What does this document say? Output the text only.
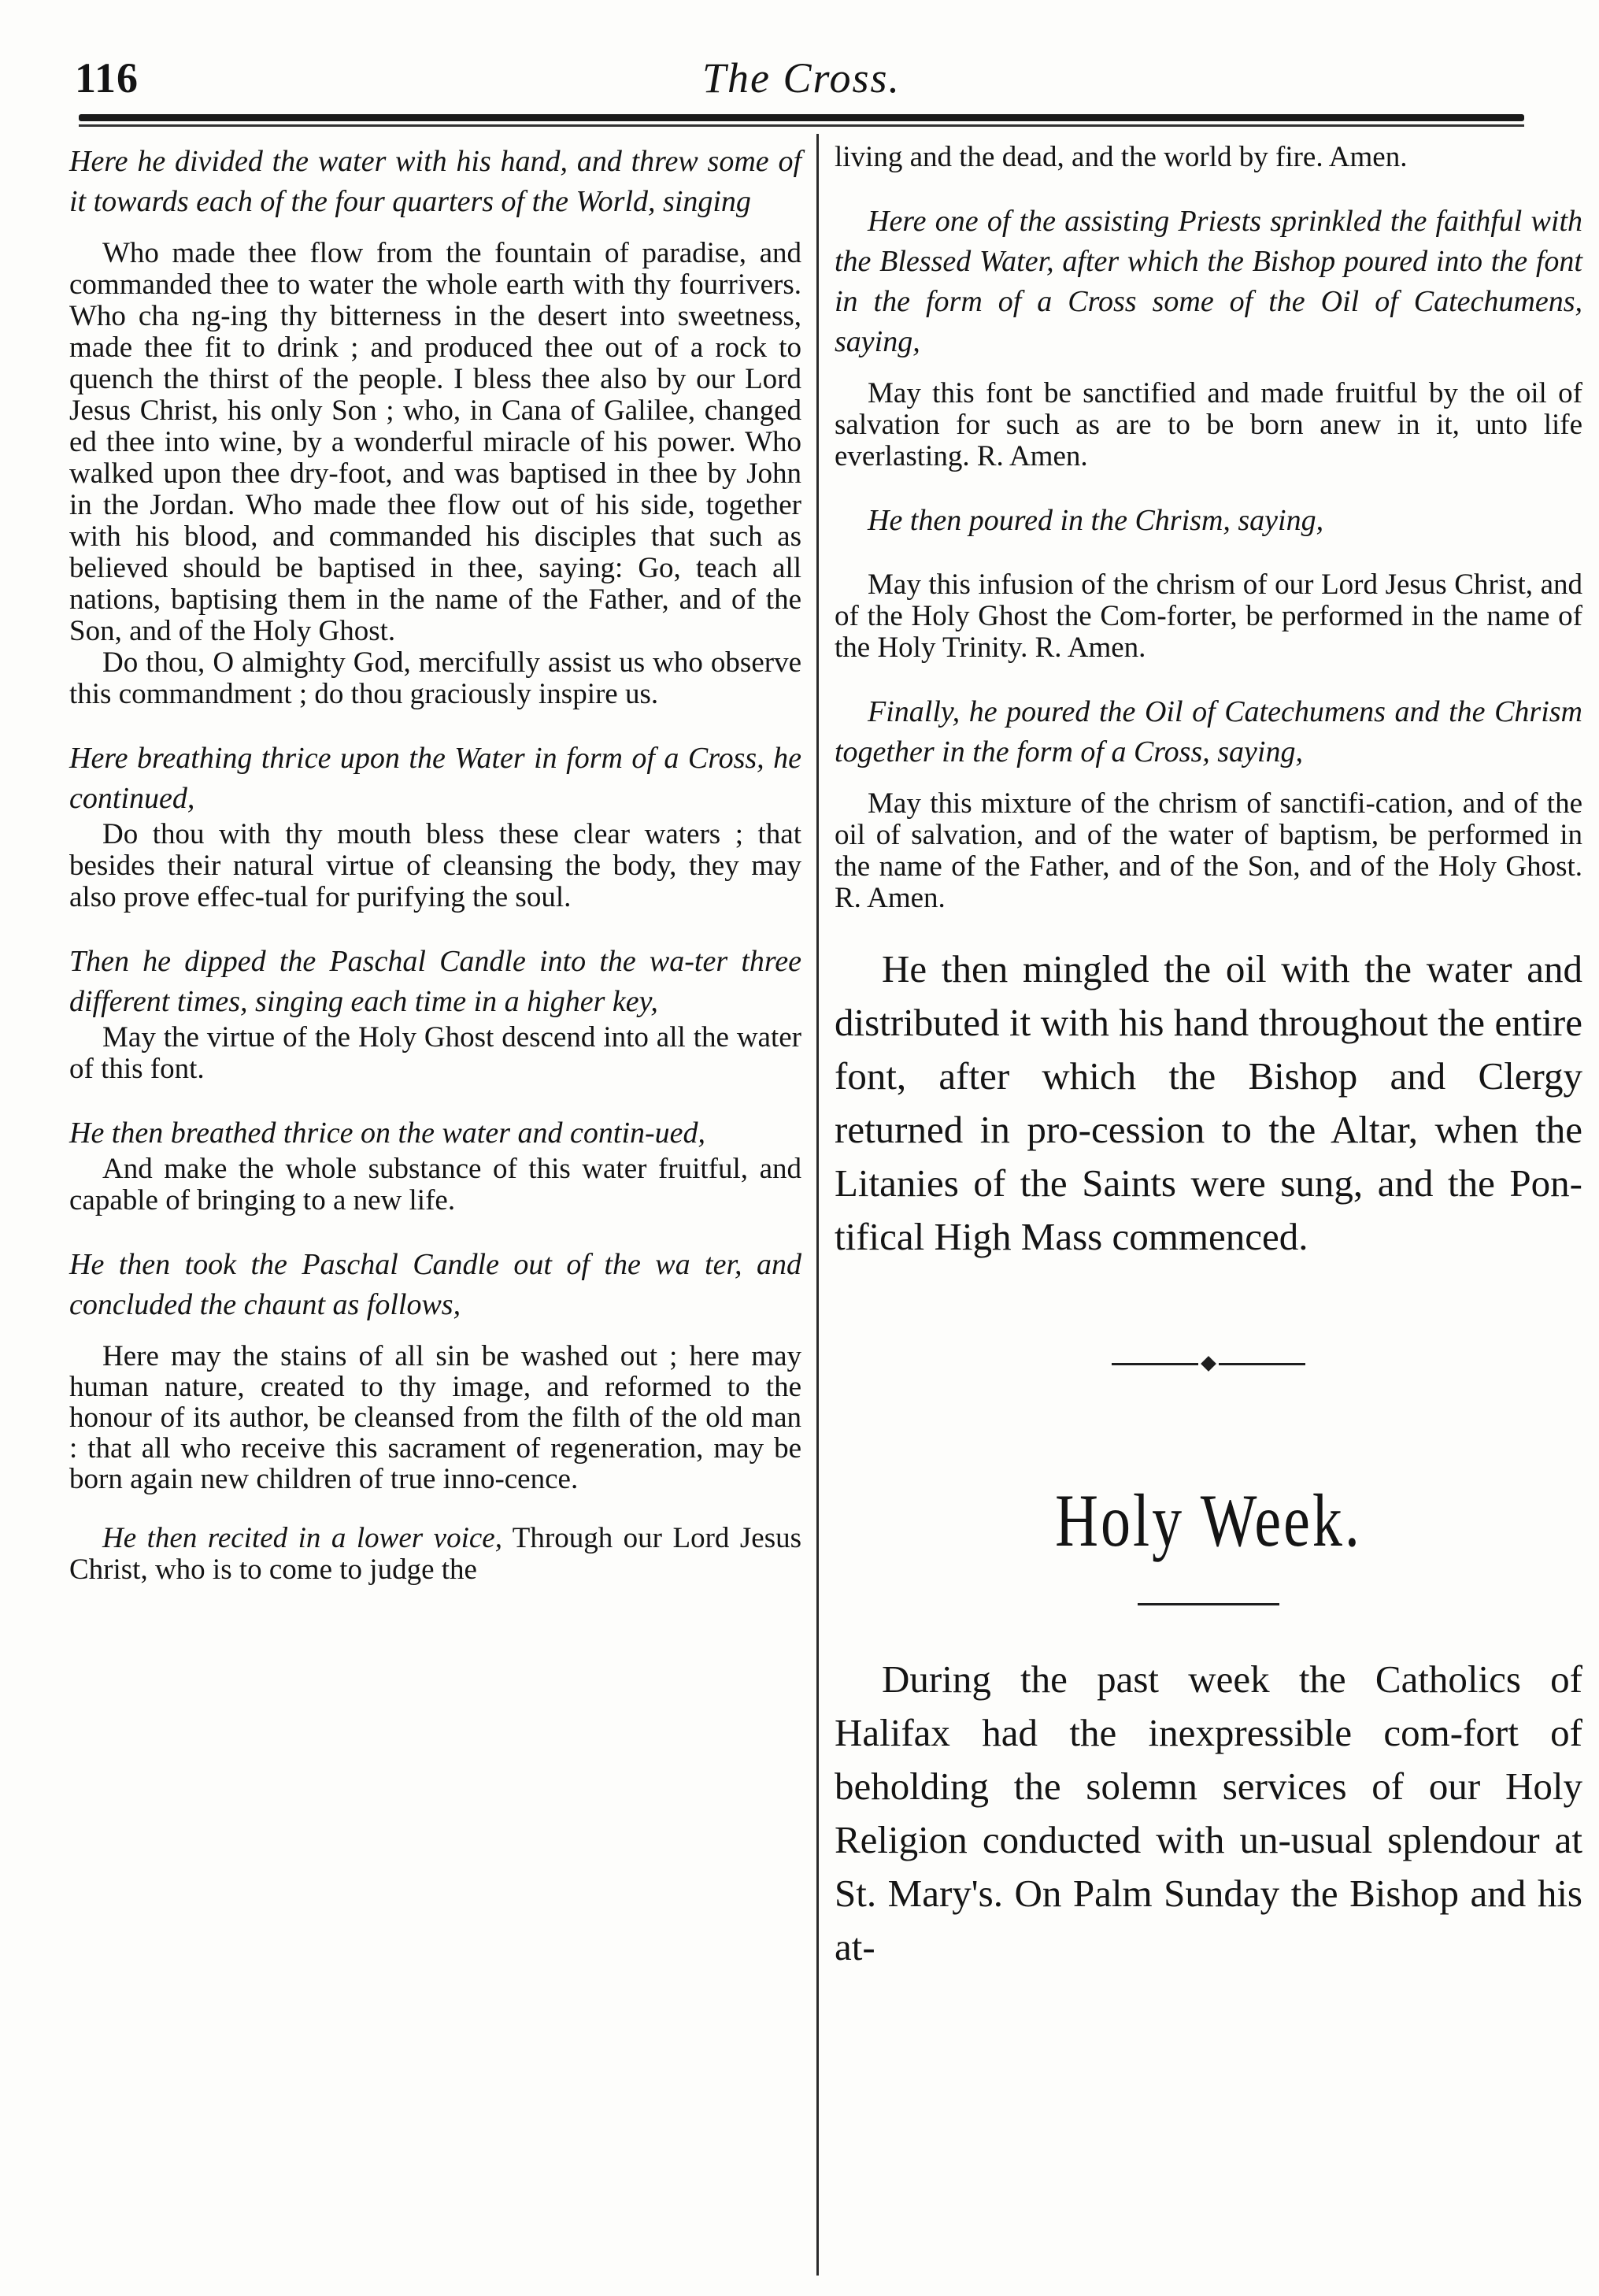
116	The Cross.

Here he divided the water with his hand, and threw some of it towards each of the four quarters of the World, singing

Who made thee flow from the fountain of paradise, and commanded thee to water the whole earth with thy fourrivers. Who cha ng-ing thy bitterness in the desert into sweetness, made thee fit to drink ; and produced thee out of a rock to quench the thirst of the people. I bless thee also by our Lord Jesus Christ, his only Son ; who, in Cana of Galilee, changed ed thee into wine, by a wonderful miracle of his power. Who walked upon thee dry-foot, and was baptised in thee by John in the Jordan. Who made thee flow out of his side, together with his blood, and commanded his disciples that such as believed should be baptised in thee, saying: Go, teach all nations, baptising them in the name of the Father, and of the Son, and of the Holy Ghost.

Do thou, O almighty God, mercifully assist us who observe this commandment ; do thou graciously inspire us.

Here breathing thrice upon the Water in form of a Cross, he continued,

Do thou with thy mouth bless these clear waters ; that besides their natural virtue of cleansing the body, they may also prove effec-tual for purifying the soul.

Then he dipped the Paschal Candle into the wa-ter three different times, singing each time in a higher key,

May the virtue of the Holy Ghost descend into all the water of this font.

He then breathed thrice on the water and contin-ued,

And make the whole substance of this water fruitful, and capable of bringing to a new life.

He then took the Paschal Candle out of the wa ter, and concluded the chaunt as follows,

Here may the stains of all sin be washed out ; here may human nature, created to thy image, and reformed to the honour of its author, be cleansed from the filth of the old man : that all who receive this sacrament of regeneration, may be born again new children of true inno-cence.

He then recited in a lower voice, Through our Lord Jesus Christ, who is to come to judge the

living and the dead, and the world by fire. Amen.

Here one of the assisting Priests sprinkled the faithful with the Blessed Water, after which the Bishop poured into the font in the form of a Cross some of the Oil of Catechumens, saying,

May this font be sanctified and made fruitful by the oil of salvation for such as are to be born anew in it, unto life everlasting. R. Amen.

He then poured in the Chrism, saying,

May this infusion of the chrism of our Lord Jesus Christ, and of the Holy Ghost the Com-forter, be performed in the name of the Holy Trinity. R. Amen.

Finally, he poured the Oil of Catechumens and the Chrism together in the form of a Cross, saying,

May this mixture of the chrism of sanctifi-cation, and of the oil of salvation, and of the water of baptism, be performed in the name of the Father, and of the Son, and of the Holy Ghost. R. Amen.

He then mingled the oil with the water and distributed it with his hand throughout the entire font, after which the Bishop and Clergy returned in pro-cession to the Altar, when the Litanies of the Saints were sung, and the Pon-tifical High Mass commenced.

Holy Week.

During the past week the Catholics of Halifax had the inexpressible com-fort of beholding the solemn services of our Holy Religion conducted with un-usual splendour at St. Mary's. On Palm Sunday the Bishop and his at-
